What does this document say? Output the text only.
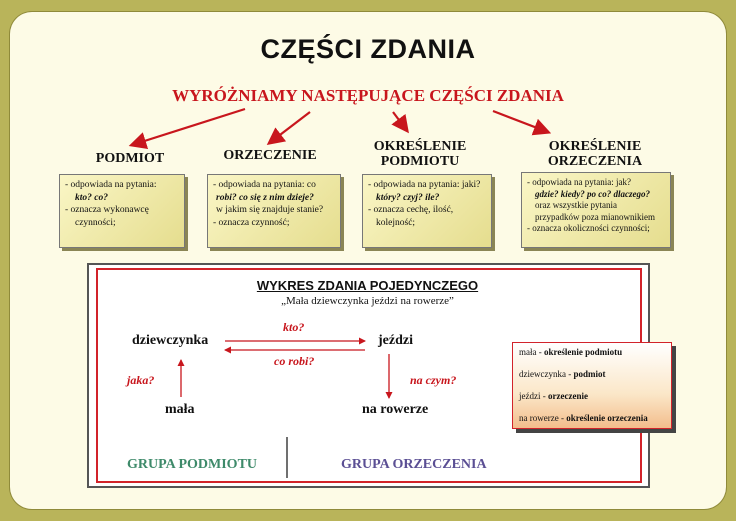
CZĘŚCI ZDANIA
WYRÓŻNIAMY NASTĘPUJĄCE CZĘŚCI ZDANIA
PODMIOT	ORZECZENIE
OKREŚLENIE
PODMIOTU
OKREŚLENIE
ORZECZENIA
- odpowiada na pytania:
kto? co?
- oznacza wykonawcę
czynności;
- odpowiada na pytania: co
robi? co się z nim dzieje?
w jakim się znajduje stanie?
- oznacza czynność;
- odpowiada na pytania: jaki?
który? czyj? ile?
- oznacza cechę, ilość,
kolejność;
- odpowiada na pytania: jak?
gdzie? kiedy? po co? dlaczego?
oraz wszystkie pytania
przypadków poza mianownikiem
- oznacza okoliczności czynności;
WYKRES ZDANIA POJEDYNCZEGO
„Mała dziewczynka jeździ na rowerze”
dziewczynka	jeździ
mała	na rowerze
kto?
co robi?
jaka?	na czym?
GRUPA PODMIOTU	GRUPA ORZECZENIA
mała - określenie podmiotu
dziewczynka - podmiot
jeździ - orzeczenie
na rowerze - określenie orzeczenia
